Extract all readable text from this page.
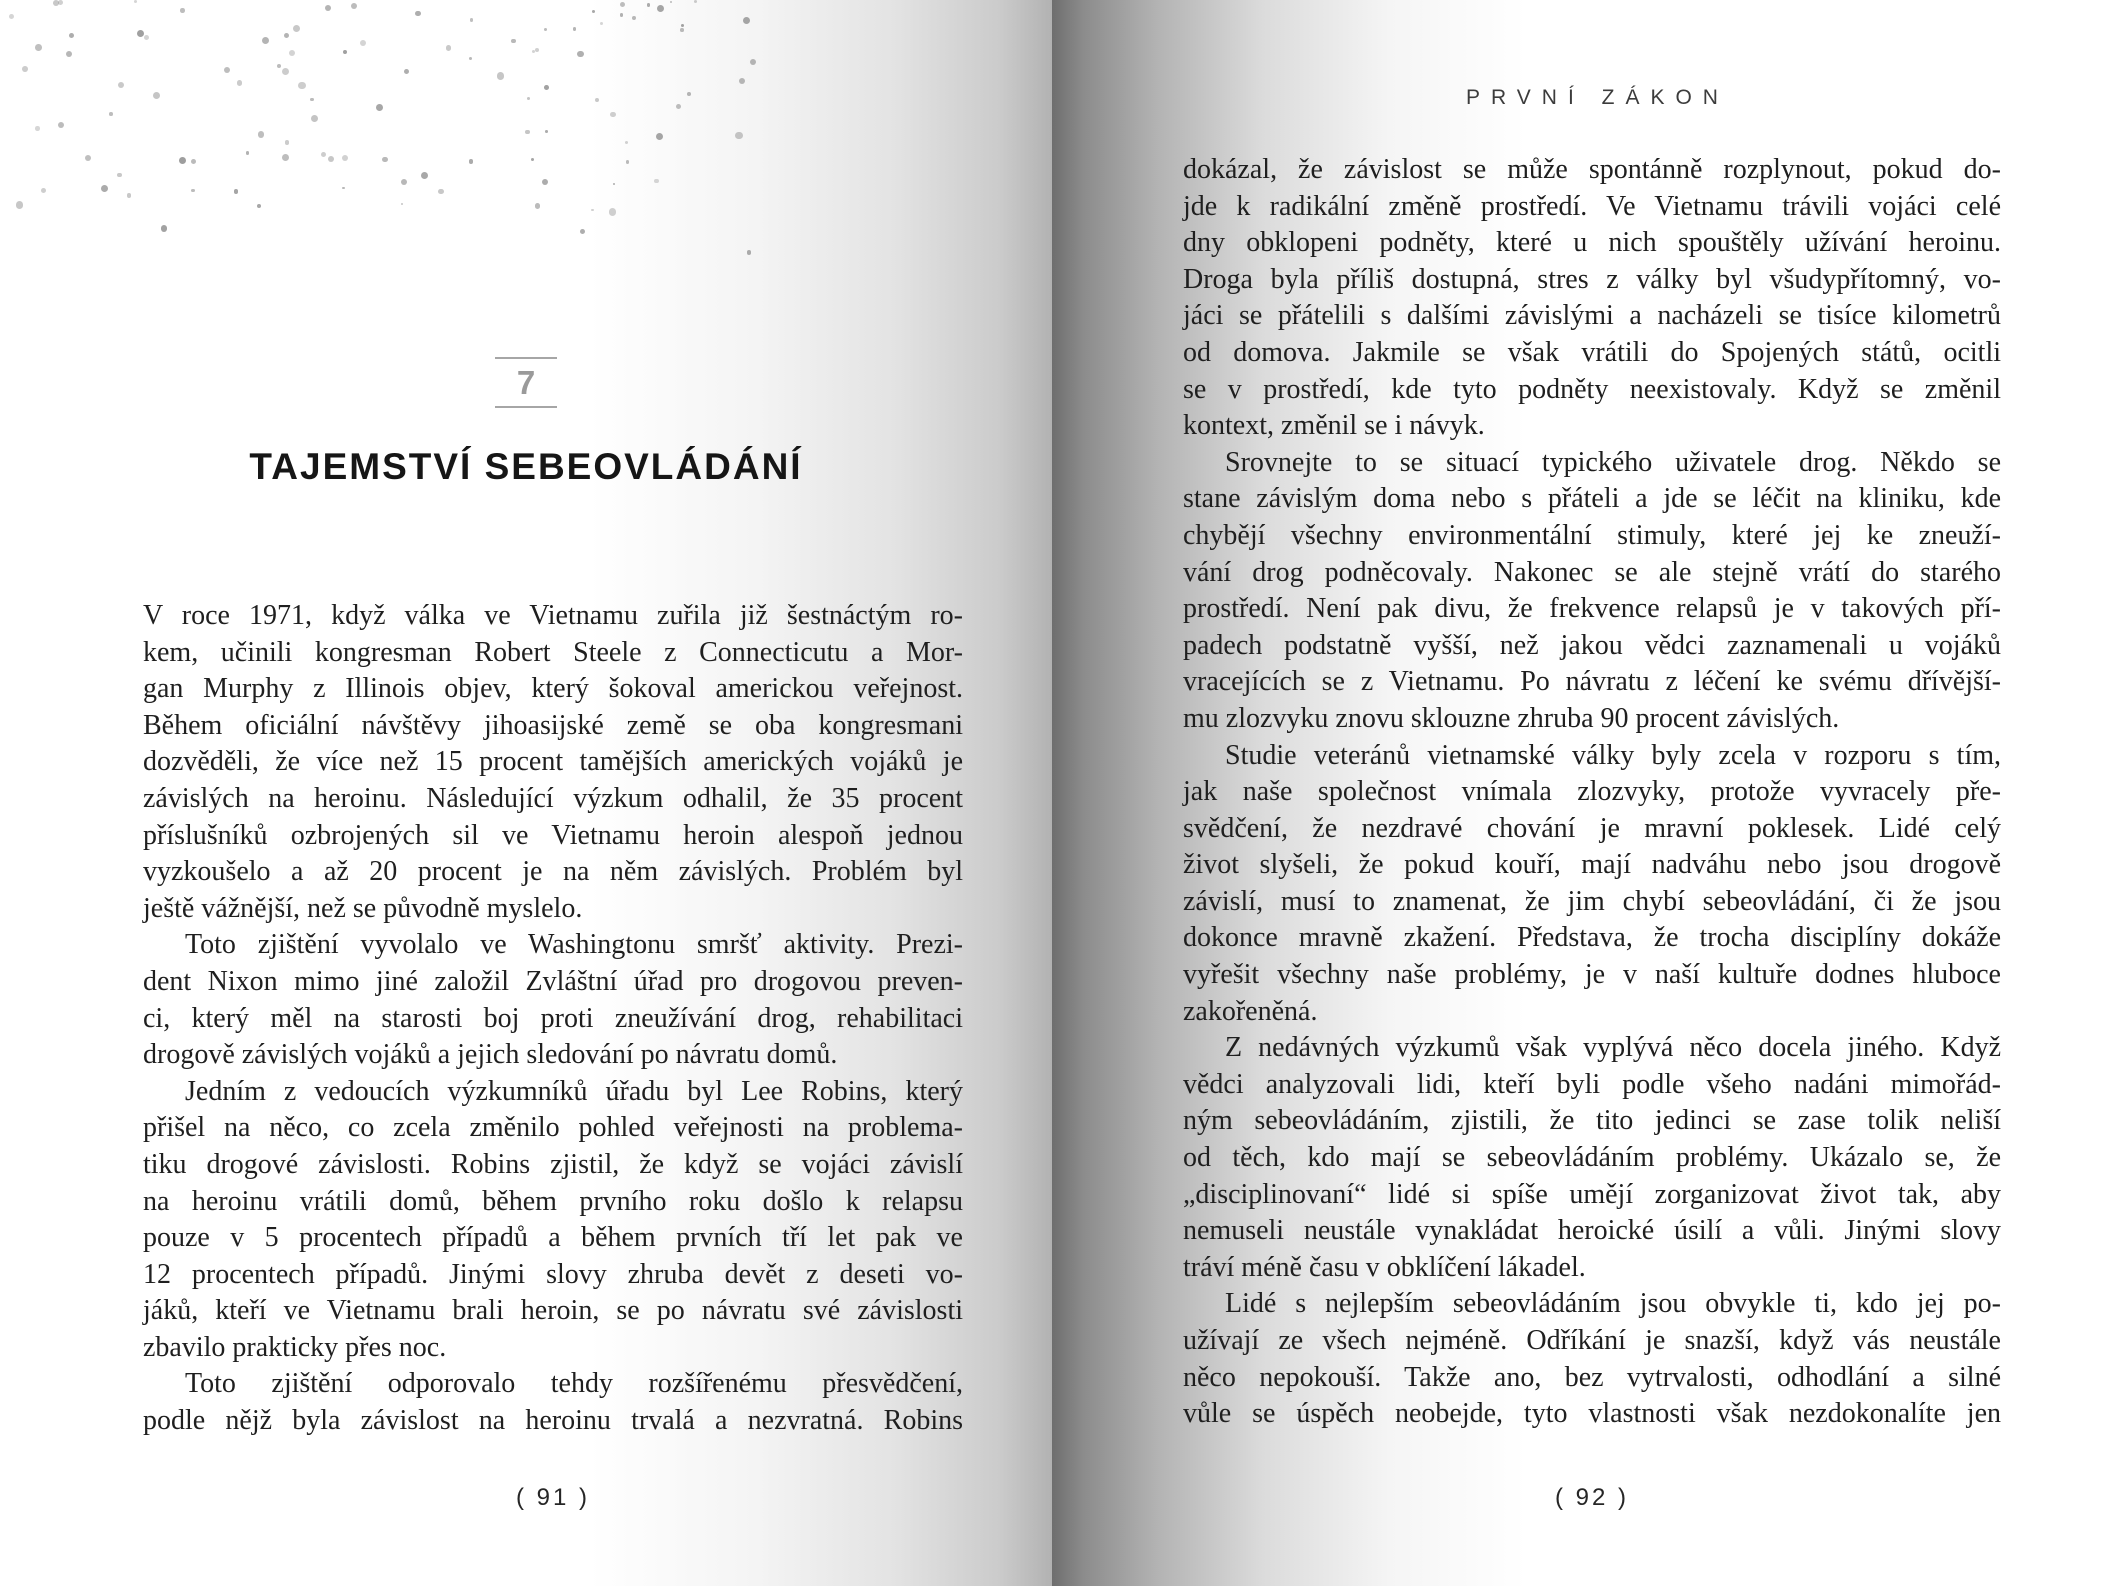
7
TAJEMSTVÍ SEBEOVLÁDÁNÍ
V roce 1971, když válka ve Vietnamu zuřila již šestnáctým ro-
kem, učinili kongresman Robert Steele z Connecticutu a Mor-
gan Murphy z Illinois objev, který šokoval americkou veřejnost.
Během oficiální návštěvy jihoasijské země se oba kongresmani
dozvěděli, že více než 15 procent tamějších amerických vojáků je
závislých na heroinu. Následující výzkum odhalil, že 35 procent
příslušníků ozbrojených sil ve Vietnamu heroin alespoň jednou
vyzkoušelo a až 20 procent je na něm závislých. Problém byl
ještě vážnější, než se původně myslelo.
Toto zjištění vyvolalo ve Washingtonu smršť aktivity. Prezi-
dent Nixon mimo jiné založil Zvláštní úřad pro drogovou preven-
ci, který měl na starosti boj proti zneužívání drog, rehabilitaci
drogově závislých vojáků a jejich sledování po návratu domů.
Jedním z vedoucích výzkumníků úřadu byl Lee Robins, který
přišel na něco, co zcela změnilo pohled veřejnosti na problema-
tiku drogové závislosti. Robins zjistil, že když se vojáci závislí
na heroinu vrátili domů, během prvního roku došlo k relapsu
pouze v 5 procentech případů a během prvních tří let pak ve
12 procentech případů. Jinými slovy zhruba devět z deseti vo-
jáků, kteří ve Vietnamu brali heroin, se po návratu své závislosti
zbavilo prakticky přes noc.
Toto zjištění odporovalo tehdy rozšířenému přesvědčení,
podle nějž byla závislost na heroinu trvalá a nezvratná. Robins
( 91 )
PRVNÍ ZÁKON
dokázal, že závislost se může spontánně rozplynout, pokud do-
jde k radikální změně prostředí. Ve Vietnamu trávili vojáci celé
dny obklopeni podněty, které u nich spouštěly užívání heroinu.
Droga byla příliš dostupná, stres z války byl všudypřítomný, vo-
jáci se přátelili s dalšími závislými a nacházeli se tisíce kilometrů
od domova. Jakmile se však vrátili do Spojených států, ocitli
se v prostředí, kde tyto podněty neexistovaly. Když se změnil
kontext, změnil se i návyk.
Srovnejte to se situací typického uživatele drog. Někdo se
stane závislým doma nebo s přáteli a jde se léčit na kliniku, kde
chybějí všechny environmentální stimuly, které jej ke zneuží-
vání drog podněcovaly. Nakonec se ale stejně vrátí do starého
prostředí. Není pak divu, že frekvence relapsů je v takových pří-
padech podstatně vyšší, než jakou vědci zaznamenali u vojáků
vracejících se z Vietnamu. Po návratu z léčení ke svému dřívější-
mu zlozvyku znovu sklouzne zhruba 90 procent závislých.
Studie veteránů vietnamské války byly zcela v rozporu s tím,
jak naše společnost vnímala zlozvyky, protože vyvracely pře-
svědčení, že nezdravé chování je mravní poklesek. Lidé celý
život slyšeli, že pokud kouří, mají nadváhu nebo jsou drogově
závislí, musí to znamenat, že jim chybí sebeovládání, či že jsou
dokonce mravně zkažení. Představa, že trocha disciplíny dokáže
vyřešit všechny naše problémy, je v naší kultuře dodnes hluboce
zakořeněná.
Z nedávných výzkumů však vyplývá něco docela jiného. Když
vědci analyzovali lidi, kteří byli podle všeho nadáni mimořád-
ným sebeovládáním, zjistili, že tito jedinci se zase tolik neliší
od těch, kdo mají se sebeovládáním problémy. Ukázalo se, že
„disciplinovaní“ lidé si spíše umějí zorganizovat život tak, aby
nemuseli neustále vynakládat heroické úsilí a vůli. Jinými slovy
tráví méně času v obklíčení lákadel.
Lidé s nejlepším sebeovládáním jsou obvykle ti, kdo jej po-
užívají ze všech nejméně. Odříkání je snazší, když vás neustále
něco nepokouší. Takže ano, bez vytrvalosti, odhodlání a silné
vůle se úspěch neobejde, tyto vlastnosti však nezdokonalíte jen
( 92 )
